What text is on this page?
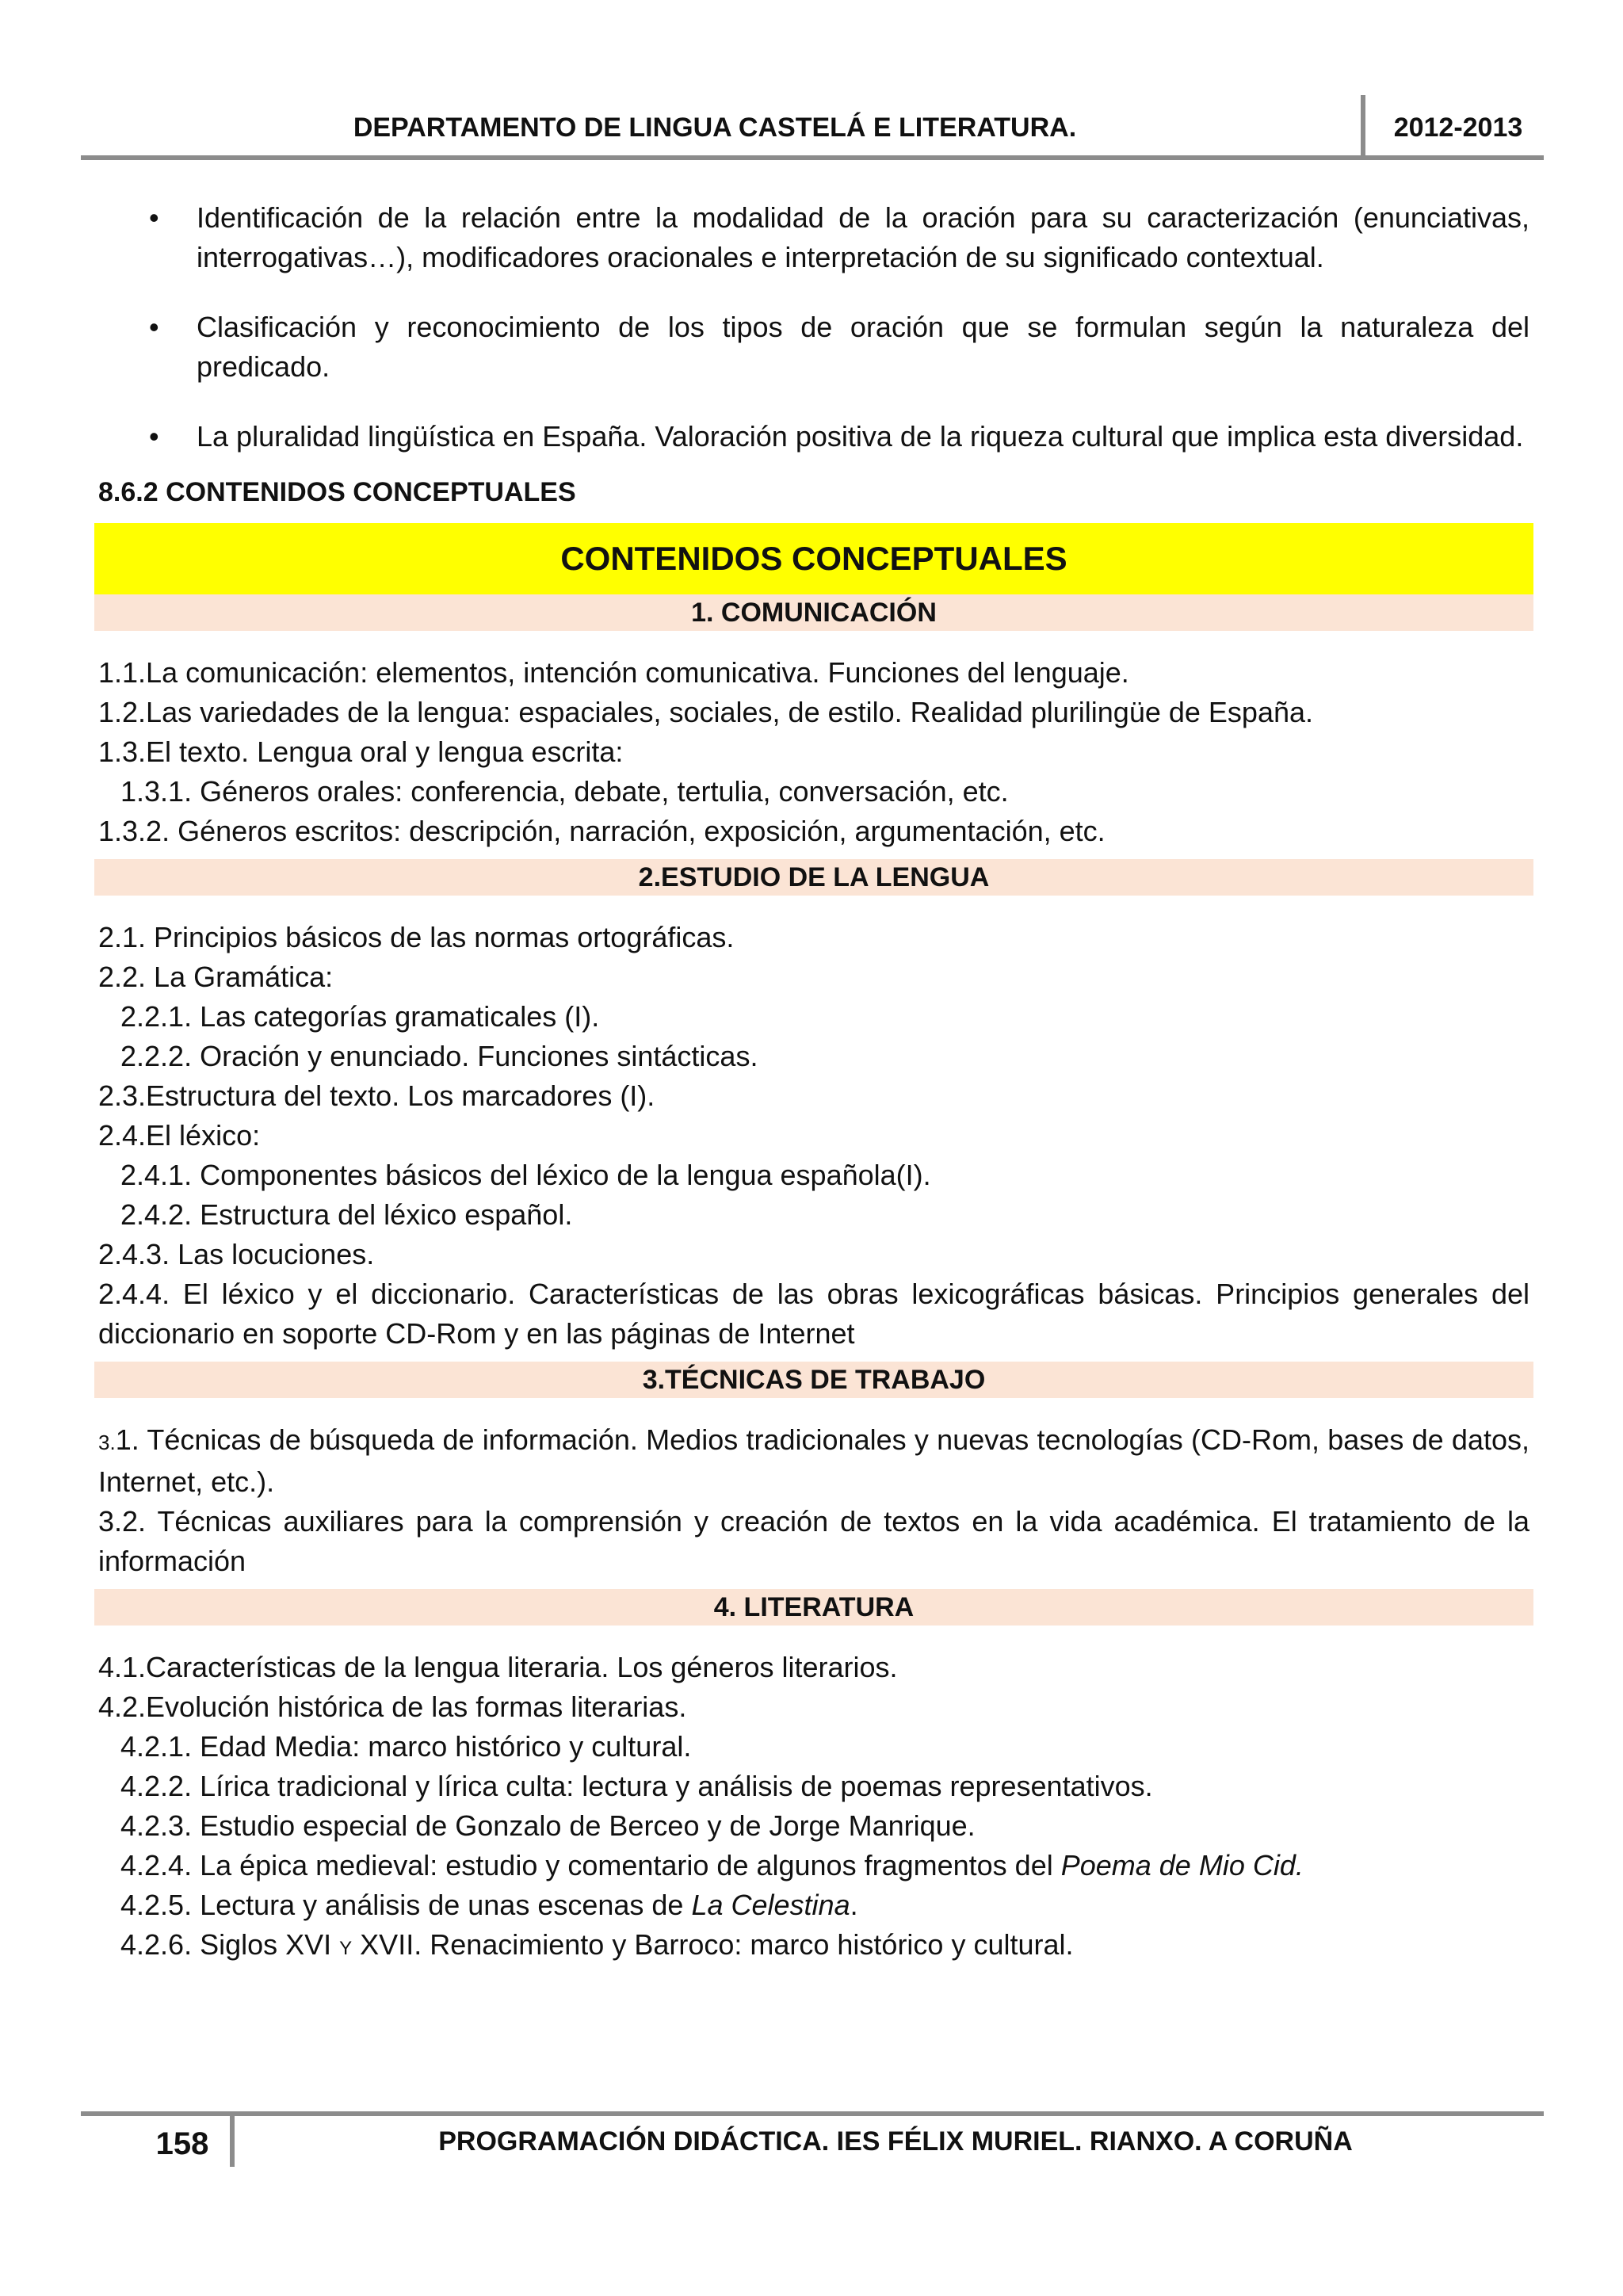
DEPARTAMENTO DE LINGUA CASTELÁ E LITERATURA.	2012-2013
• Identificación de la relación entre la modalidad de la oración para su caracterización (enunciativas, interrogativas…), modificadores oracionales e interpretación de su significado contextual.
• Clasificación y reconocimiento de los tipos de oración que se formulan según la naturaleza del predicado.
• La pluralidad lingüística en España. Valoración positiva de la riqueza cultural que implica esta diversidad.
8.6.2 CONTENIDOS CONCEPTUALES
CONTENIDOS CONCEPTUALES
1. COMUNICACIÓN
1.1.La comunicación: elementos, intención comunicativa. Funciones del lenguaje.
1.2.Las variedades de la lengua: espaciales, sociales, de estilo. Realidad plurilingüe de España.
1.3.El texto. Lengua oral y lengua escrita:
1.3.1. Géneros orales: conferencia, debate, tertulia, conversación, etc.
1.3.2. Géneros escritos: descripción, narración, exposición, argumentación, etc.
2.ESTUDIO DE LA LENGUA
2.1. Principios básicos de las normas ortográficas.
2.2. La Gramática:
2.2.1. Las categorías gramaticales (I).
2.2.2. Oración y enunciado. Funciones sintácticas.
2.3.Estructura del texto. Los marcadores (I).
2.4.El léxico:
2.4.1. Componentes básicos del léxico de la lengua española(I).
2.4.2. Estructura del léxico español.
2.4.3. Las locuciones.
2.4.4. El léxico y el diccionario. Características de las obras lexicográficas básicas. Principios generales del diccionario en soporte CD-Rom y en las páginas de Internet
3.TÉCNICAS DE TRABAJO
3.1. Técnicas de búsqueda de información. Medios tradicionales y nuevas tecnologías (CD-Rom, bases de datos, Internet, etc.).
3.2. Técnicas auxiliares para la comprensión y creación de textos en la vida académica. El tratamiento de la información
4. LITERATURA
4.1.Características de la lengua literaria. Los géneros literarios.
4.2.Evolución histórica de las formas literarias.
4.2.1. Edad Media: marco histórico y cultural.
4.2.2. Lírica tradicional y lírica culta: lectura y análisis de poemas representativos.
4.2.3. Estudio especial de Gonzalo de Berceo y de Jorge Manrique.
4.2.4. La épica medieval: estudio y comentario de algunos fragmentos del Poema de Mio Cid.
4.2.5. Lectura y análisis de unas escenas de La Celestina.
4.2.6. Siglos XVI Y XVII. Renacimiento y Barroco: marco histórico y cultural.
158	PROGRAMACIÓN DIDÁCTICA. IES FÉLIX MURIEL. RIANXO. A CORUÑA
